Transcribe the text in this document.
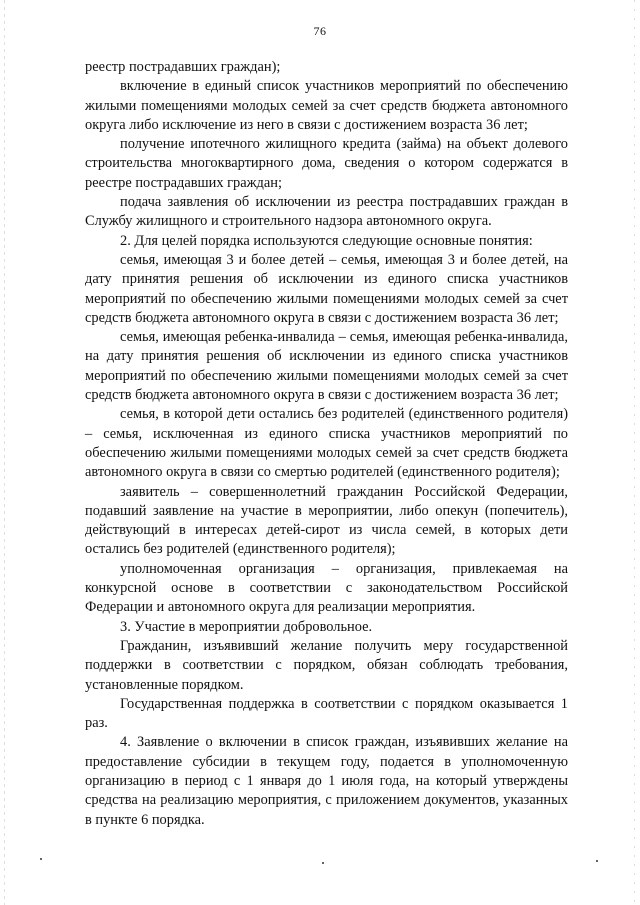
76

реестр пострадавших граждан);

включение в единый список участников мероприятий по обеспечению жилыми помещениями молодых семей за счет средств бюджета автономного округа либо исключение из него в связи с достижением возраста 36 лет;

получение ипотечного жилищного кредита (займа) на объект долевого строительства многоквартирного дома, сведения о котором содержатся в реестре пострадавших граждан;

подача заявления об исключении из реестра пострадавших граждан в Службу жилищного и строительного надзора автономного округа.

2. Для целей порядка используются следующие основные понятия:

семья, имеющая 3 и более детей – семья, имеющая 3 и более детей, на дату принятия решения об исключении из единого списка участников мероприятий по обеспечению жилыми помещениями молодых семей за счет средств бюджета автономного округа в связи с достижением возраста 36 лет;

семья, имеющая ребенка-инвалида – семья, имеющая ребенка-инвалида, на дату принятия решения об исключении из единого списка участников мероприятий по обеспечению жилыми помещениями молодых семей за счет средств бюджета автономного округа в связи с достижением возраста 36 лет;

семья, в которой дети остались без родителей (единственного родителя) – семья, исключенная из единого списка участников мероприятий по обеспечению жилыми помещениями молодых семей за счет средств бюджета автономного округа в связи со смертью родителей (единственного родителя);

заявитель – совершеннолетний гражданин Российской Федерации, подавший заявление на участие в мероприятии, либо опекун (попечитель), действующий в интересах детей-сирот из числа семей, в которых дети остались без родителей (единственного родителя);

уполномоченная организация – организация, привлекаемая на конкурсной основе в соответствии с законодательством Российской Федерации и автономного округа для реализации мероприятия.

3. Участие в мероприятии добровольное.

Гражданин, изъявивший желание получить меру государственной поддержки в соответствии с порядком, обязан соблюдать требования, установленные порядком.

Государственная поддержка в соответствии с порядком оказывается 1 раз.

4. Заявление о включении в список граждан, изъявивших желание на предоставление субсидии в текущем году, подается в уполномоченную организацию в период с 1 января до 1 июля года, на который утверждены средства на реализацию мероприятия, с приложением документов, указанных в пункте 6 порядка.
